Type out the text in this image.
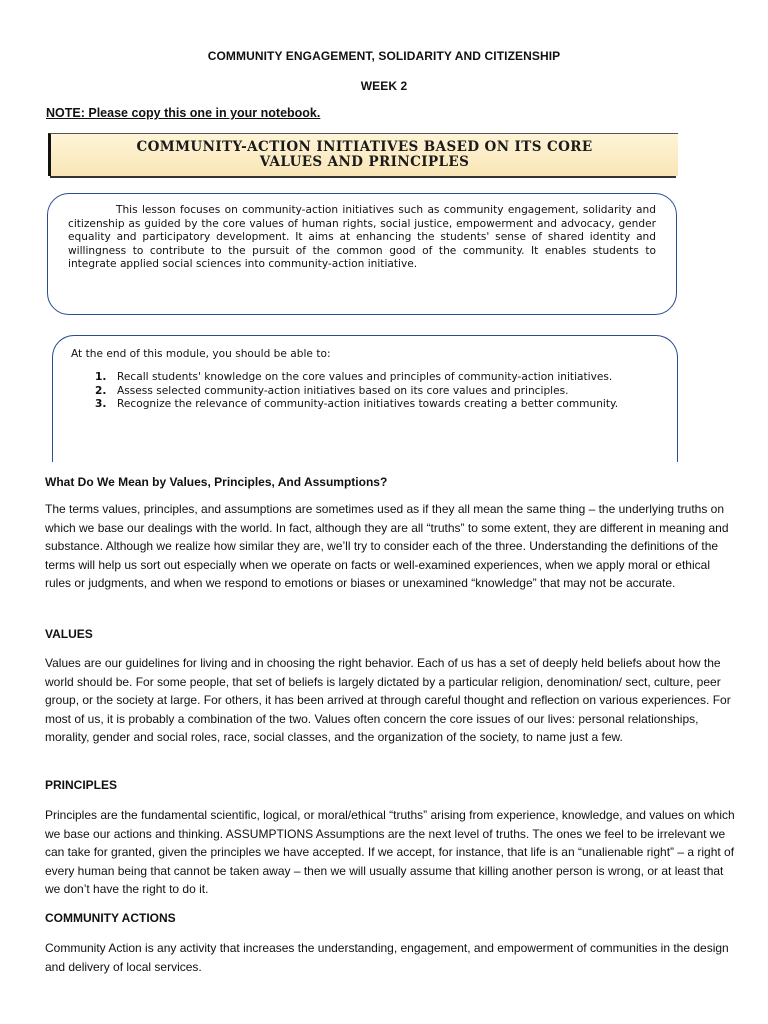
COMMUNITY ENGAGEMENT, SOLIDARITY AND CITIZENSHIP
WEEK 2
NOTE: Please copy this one in your notebook.
COMMUNITY-ACTION INITIATIVES BASED ON ITS CORE
VALUES AND PRINCIPLES
This lesson focuses on community-action initiatives such as community engagement, solidarity and citizenship as guided by the core values of human rights, social justice, empowerment and advocacy, gender equality and participatory development. It aims at enhancing the students' sense of shared identity and willingness to contribute to the pursuit of the common good of the community. It enables students to integrate applied social sciences into community-action initiative.
At the end of this module, you should be able to:
1. Recall students' knowledge on the core values and principles of community-action initiatives.
2. Assess selected community-action initiatives based on its core values and principles.
3. Recognize the relevance of community-action initiatives towards creating a better community.
What Do We Mean by Values, Principles, And Assumptions?
The terms values, principles, and assumptions are sometimes used as if they all mean the same thing – the underlying truths on which we base our dealings with the world. In fact, although they are all “truths” to some extent, they are different in meaning and substance. Although we realize how similar they are, we’ll try to consider each of the three. Understanding the definitions of the terms will help us sort out especially when we operate on facts or well-examined experiences, when we apply moral or ethical rules or judgments, and when we respond to emotions or biases or unexamined “knowledge” that may not be accurate.
VALUES
Values are our guidelines for living and in choosing the right behavior. Each of us has a set of deeply held beliefs about how the world should be. For some people, that set of beliefs is largely dictated by a particular religion, denomination/ sect, culture, peer group, or the society at large. For others, it has been arrived at through careful thought and reflection on various experiences. For most of us, it is probably a combination of the two. Values often concern the core issues of our lives: personal relationships, morality, gender and social roles, race, social classes, and the organization of the society, to name just a few.
PRINCIPLES
Principles are the fundamental scientific, logical, or moral/ethical “truths” arising from experience, knowledge, and values on which we base our actions and thinking. ASSUMPTIONS Assumptions are the next level of truths. The ones we feel to be irrelevant we can take for granted, given the principles we have accepted. If we accept, for instance, that life is an “unalienable right” – a right of every human being that cannot be taken away – then we will usually assume that killing another person is wrong, or at least that we don’t have the right to do it.
COMMUNITY ACTIONS
Community Action is any activity that increases the understanding, engagement, and empowerment of communities in the design and delivery of local services.
